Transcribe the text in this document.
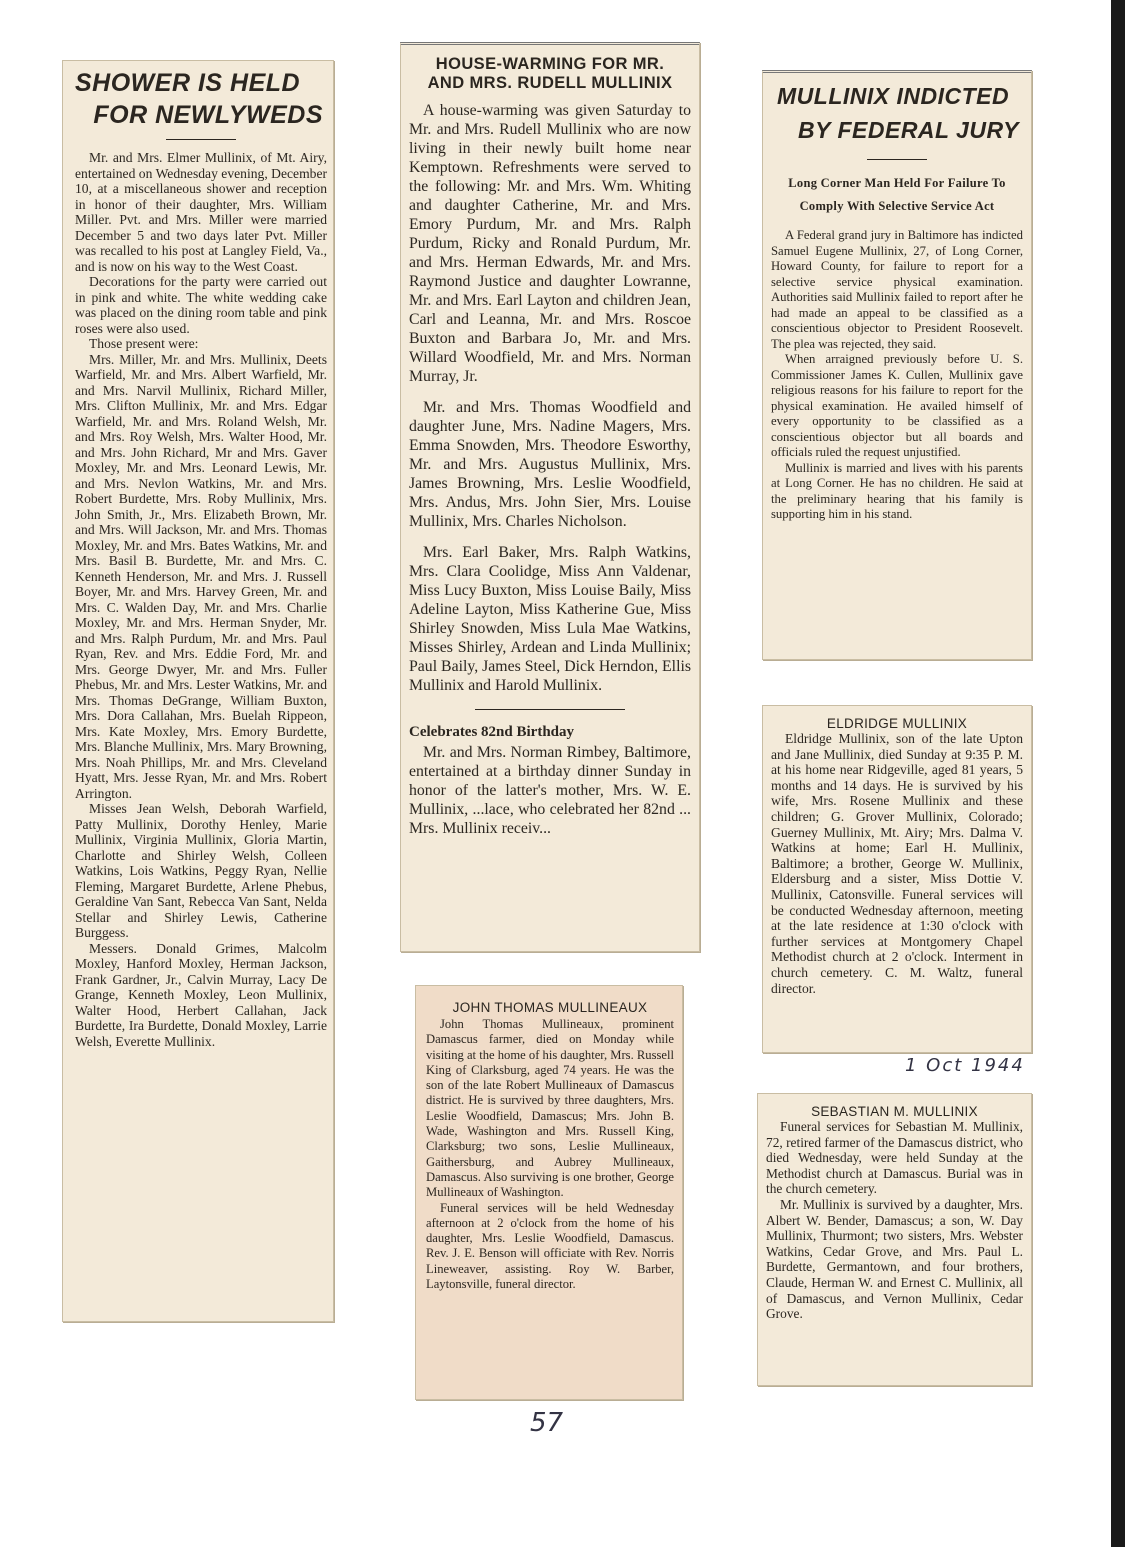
SHOWER IS HELD
FOR NEWLYWEDS

Mr. and Mrs. Elmer Mullinix, of Mt. Airy, entertained on Wednesday evening, December 10, at a miscellaneous shower and reception in honor of their daughter, Mrs. William Miller. Pvt. and Mrs. Miller were married December 5 and two days later Pvt. Miller was recalled to his post at Langley Field, Va., and is now on his way to the West Coast.

Decorations for the party were carried out in pink and white. The white wedding cake was placed on the dining room table and pink roses were also used.

Those present were:

Mrs. Miller, Mr. and Mrs. Mullinix, Deets Warfield, Mr. and Mrs. Albert Warfield, Mr. and Mrs. Narvil Mullinix, Richard Miller, Mrs. Clifton Mullinix, Mr. and Mrs. Edgar Warfield, Mr. and Mrs. Roland Welsh, Mr. and Mrs. Roy Welsh, Mrs. Walter Hood, Mr. and Mrs. John Richard, Mr and Mrs. Gaver Moxley, Mr. and Mrs. Leonard Lewis, Mr. and Mrs. Nevlon Watkins, Mr. and Mrs. Robert Burdette, Mrs. Roby Mullinix, Mrs. John Smith, Jr., Mrs. Elizabeth Brown, Mr. and Mrs. Will Jackson, Mr. and Mrs. Thomas Moxley, Mr. and Mrs. Bates Watkins, Mr. and Mrs. Basil B. Burdette, Mr. and Mrs. C. Kenneth Henderson, Mr. and Mrs. J. Russell Boyer, Mr. and Mrs. Harvey Green, Mr. and Mrs. C. Walden Day, Mr. and Mrs. Charlie Moxley, Mr. and Mrs. Herman Snyder, Mr. and Mrs. Ralph Purdum, Mr. and Mrs. Paul Ryan, Rev. and Mrs. Eddie Ford, Mr. and Mrs. George Dwyer, Mr. and Mrs. Fuller Phebus, Mr. and Mrs. Lester Watkins, Mr. and Mrs. Thomas DeGrange, William Buxton, Mrs. Dora Callahan, Mrs. Buelah Rippeon, Mrs. Kate Moxley, Mrs. Emory Burdette, Mrs. Blanche Mullinix, Mrs. Mary Browning, Mrs. Noah Phillips, Mr. and Mrs. Cleveland Hyatt, Mrs. Jesse Ryan, Mr. and Mrs. Robert Arrington.

Misses Jean Welsh, Deborah Warfield, Patty Mullinix, Dorothy Henley, Marie Mullinix, Virginia Mullinix, Gloria Martin, Charlotte and Shirley Welsh, Colleen Watkins, Lois Watkins, Peggy Ryan, Nellie Fleming, Margaret Burdette, Arlene Phebus, Geraldine Van Sant, Rebecca Van Sant, Nelda Stellar and Shirley Lewis, Catherine Burggess.

Messers. Donald Grimes, Malcolm Moxley, Hanford Moxley, Herman Jackson, Frank Gardner, Jr., Calvin Murray, Lacy De Grange, Kenneth Moxley, Leon Mullinix, Walter Hood, Herbert Callahan, Jack Burdette, Ira Burdette, Donald Moxley, Larrie Welsh, Everette Mullinix.

HOUSE-WARMING FOR MR.
AND MRS. RUDELL MULLINIX

A house-warming was given Saturday to Mr. and Mrs. Rudell Mullinix who are now living in their newly built home near Kemptown. Refreshments were served to the following: Mr. and Mrs. Wm. Whiting and daughter Catherine, Mr. and Mrs. Emory Purdum, Mr. and Mrs. Ralph Purdum, Ricky and Ronald Purdum, Mr. and Mrs. Herman Edwards, Mr. and Mrs. Raymond Justice and daughter Lowranne, Mr. and Mrs. Earl Layton and children Jean, Carl and Leanna, Mr. and Mrs. Roscoe Buxton and Barbara Jo, Mr. and Mrs. Willard Woodfield, Mr. and Mrs. Norman Murray, Jr.

Mr. and Mrs. Thomas Woodfield and daughter June, Mrs. Nadine Magers, Mrs. Emma Snowden, Mrs. Theodore Esworthy, Mr. and Mrs. Augustus Mullinix, Mrs. James Browning, Mrs. Leslie Woodfield, Mrs. Andus, Mrs. John Sier, Mrs. Louise Mullinix, Mrs. Charles Nicholson.

Mrs. Earl Baker, Mrs. Ralph Watkins, Mrs. Clara Coolidge, Miss Ann Valdenar, Miss Lucy Buxton, Miss Louise Baily, Miss Adeline Layton, Miss Katherine Gue, Miss Shirley Snowden, Miss Lula Mae Watkins, Misses Shirley, Ardean and Linda Mullinix; Paul Baily, James Steel, Dick Herndon, Ellis Mullinix and Harold Mullinix.

Celebrates 82nd Birthday

Mr. and Mrs. Norman Rimbey, Baltimore, entertained at a birthday dinner Sunday in honor of the latter's mother, Mrs. W. E. Mullinix, ...lace, who celebrated her 82nd ... Mrs. Mullinix receiv...

MULLINIX INDICTED
BY FEDERAL JURY
Long Corner Man Held For Failure To Comply With Selective Service Act

A Federal grand jury in Baltimore has indicted Samuel Eugene Mullinix, 27, of Long Corner, Howard County, for failure to report for a selective service physical examination. Authorities said Mullinix failed to report after he had made an appeal to be classified as a conscientious objector to President Roosevelt. The plea was rejected, they said.

When arraigned previously before U. S. Commissioner James K. Cullen, Mullinix gave religious reasons for his failure to report for the physical examination. He availed himself of every opportunity to be classified as a conscientious objector but all boards and officials ruled the request unjustified.

Mullinix is married and lives with his parents at Long Corner. He has no children. He said at the preliminary hearing that his family is supporting him in his stand.

JOHN THOMAS MULLINEAUX

John Thomas Mullineaux, prominent Damascus farmer, died on Monday while visiting at the home of his daughter, Mrs. Russell King of Clarksburg, aged 74 years. He was the son of the late Robert Mullineaux of Damascus district. He is survived by three daughters, Mrs. Leslie Woodfield, Damascus; Mrs. John B. Wade, Washington and Mrs. Russell King, Clarksburg; two sons, Leslie Mullineaux, Gaithersburg, and Aubrey Mullineaux, Damascus. Also surviving is one brother, George Mullineaux of Washington.

Funeral services will be held Wednesday afternoon at 2 o'clock from the home of his daughter, Mrs. Leslie Woodfield, Damascus. Rev. J. E. Benson will officiate with Rev. Norris Lineweaver, assisting. Roy W. Barber, Laytonsville, funeral director.

ELDRIDGE MULLINIX

Eldridge Mullinix, son of the late Upton and Jane Mullinix, died Sunday at 9:35 P. M. at his home near Ridgeville, aged 81 years, 5 months and 14 days. He is survived by his wife, Mrs. Rosene Mullinix and these children; G. Grover Mullinix, Colorado; Guerney Mullinix, Mt. Airy; Mrs. Dalma V. Watkins at home; Earl H. Mullinix, Baltimore; a brother, George W. Mullinix, Eldersburg and a sister, Miss Dottie V. Mullinix, Catonsville. Funeral services will be conducted Wednesday afternoon, meeting at the late residence at 1:30 o'clock with further services at Montgomery Chapel Methodist church at 2 o'clock. Interment in church cemetery. C. M. Waltz, funeral director.

SEBASTIAN M. MULLINIX

Funeral services for Sebastian M. Mullinix, 72, retired farmer of the Damascus district, who died Wednesday, were held Sunday at the Methodist church at Damascus. Burial was in the church cemetery.

Mr. Mullinix is survived by a daughter, Mrs. Albert W. Bender, Damascus; a son, W. Day Mullinix, Thurmont; two sisters, Mrs. Webster Watkins, Cedar Grove, and Mrs. Paul L. Burdette, Germantown, and four brothers, Claude, Herman W. and Ernest C. Mullinix, all of Damascus, and Vernon Mullinix, Cedar Grove.

1 Oct 1944
57
